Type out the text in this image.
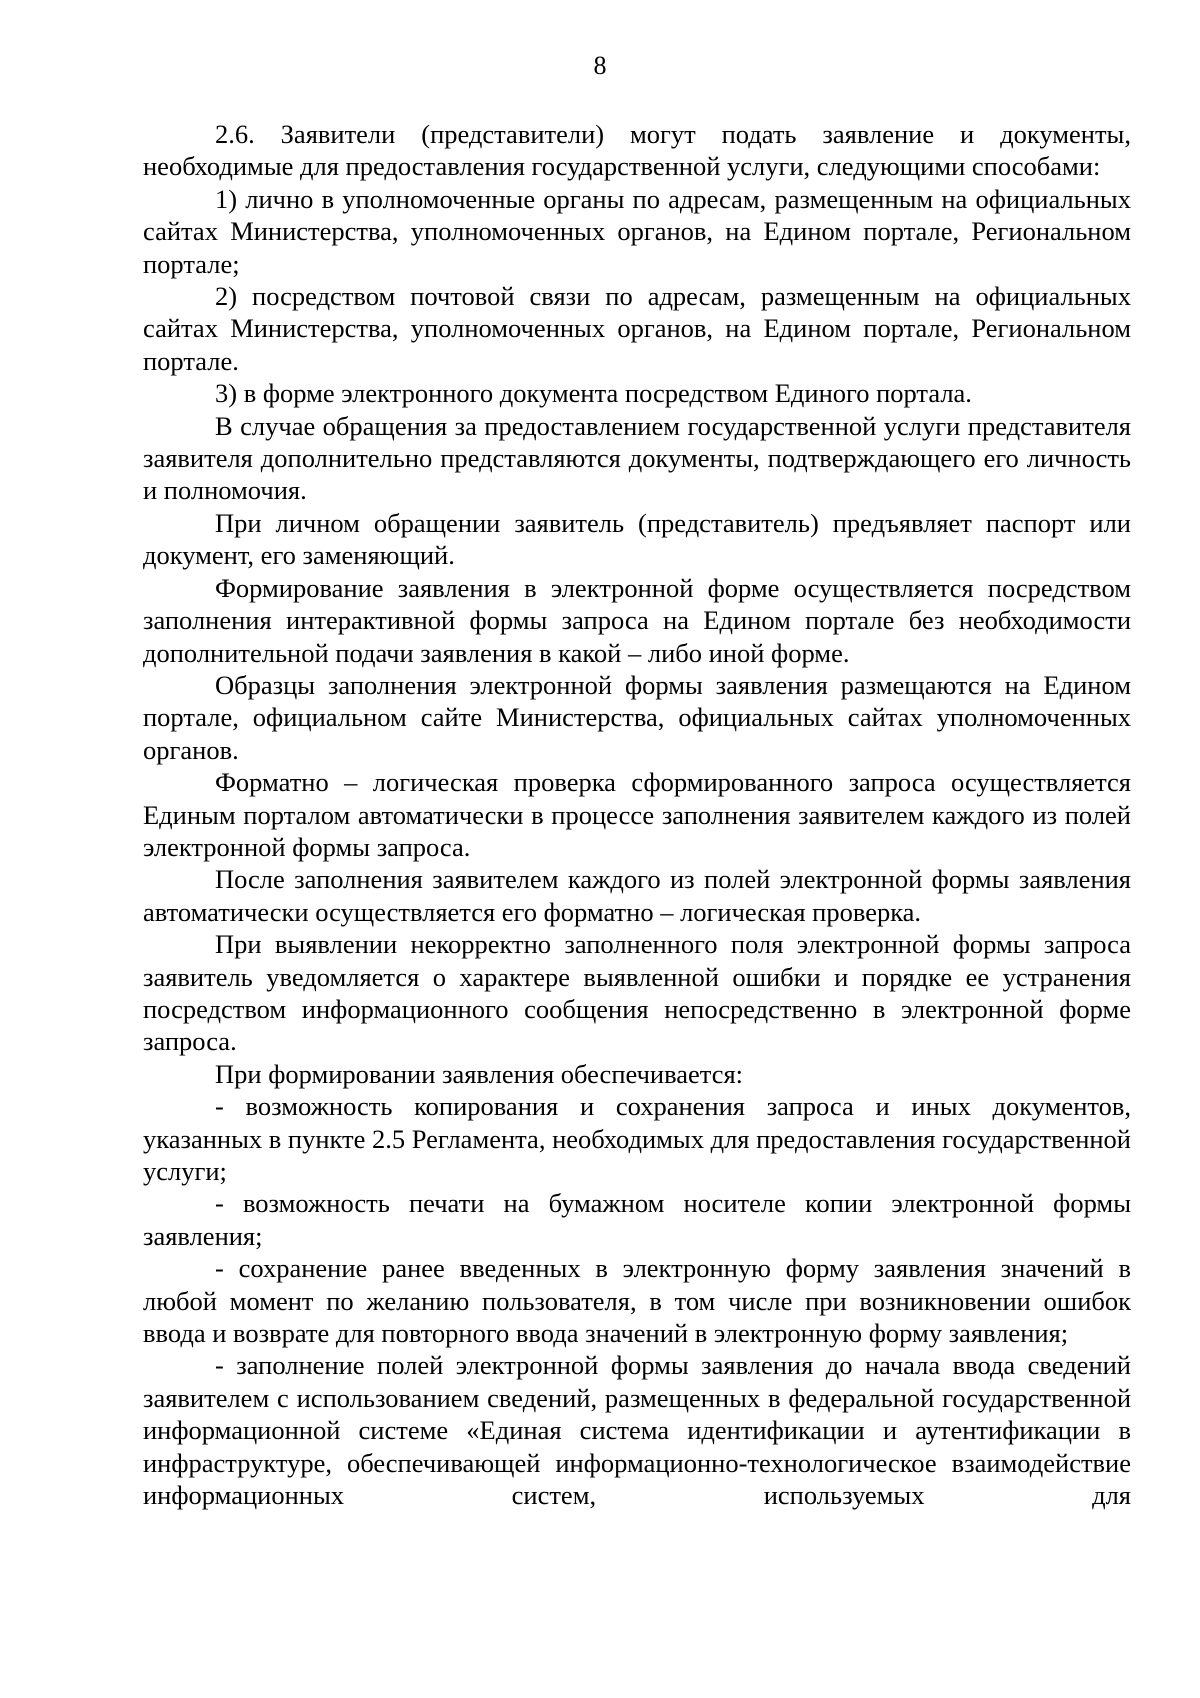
8

2.6. Заявители (представители) могут подать заявление и документы, необходимые для предоставления государственной услуги, следующими способами:

1) лично в уполномоченные органы по адресам, размещенным на официальных сайтах Министерства, уполномоченных органов, на Едином портале, Региональном портале;

2) посредством почтовой связи по адресам, размещенным на официальных сайтах Министерства, уполномоченных органов, на Едином портале, Региональном портале.

3) в форме электронного документа посредством Единого портала.

В случае обращения за предоставлением государственной услуги представителя заявителя дополнительно представляются документы, подтверждающего его личность и полномочия.

При личном обращении заявитель (представитель) предъявляет паспорт или документ, его заменяющий.

Формирование заявления в электронной форме осуществляется посредством заполнения интерактивной формы запроса на Едином портале без необходимости дополнительной подачи заявления в какой – либо иной форме.

Образцы заполнения электронной формы заявления размещаются на Едином портале, официальном сайте Министерства, официальных сайтах уполномоченных органов.

Форматно – логическая проверка сформированного запроса осуществляется Единым порталом автоматически в процессе заполнения заявителем каждого из полей электронной формы запроса.

После заполнения заявителем каждого из полей электронной формы заявления автоматически осуществляется его форматно – логическая проверка.

При выявлении некорректно заполненного поля электронной формы запроса заявитель уведомляется о характере выявленной ошибки и порядке ее устранения посредством информационного сообщения непосредственно в электронной форме запроса.

При формировании заявления обеспечивается:

- возможность копирования и сохранения запроса и иных документов, указанных в пункте 2.5 Регламента, необходимых для предоставления государственной услуги;

- возможность печати на бумажном носителе копии электронной формы заявления;

- сохранение ранее введенных в электронную форму заявления значений в любой момент по желанию пользователя, в том числе при возникновении ошибок ввода и возврате для повторного ввода значений в электронную форму заявления;

- заполнение полей электронной формы заявления до начала ввода сведений заявителем с использованием сведений, размещенных в федеральной государственной информационной системе «Единая система идентификации и аутентификации в инфраструктуре, обеспечивающей информационно-технологическое взаимодействие информационных систем, используемых для
